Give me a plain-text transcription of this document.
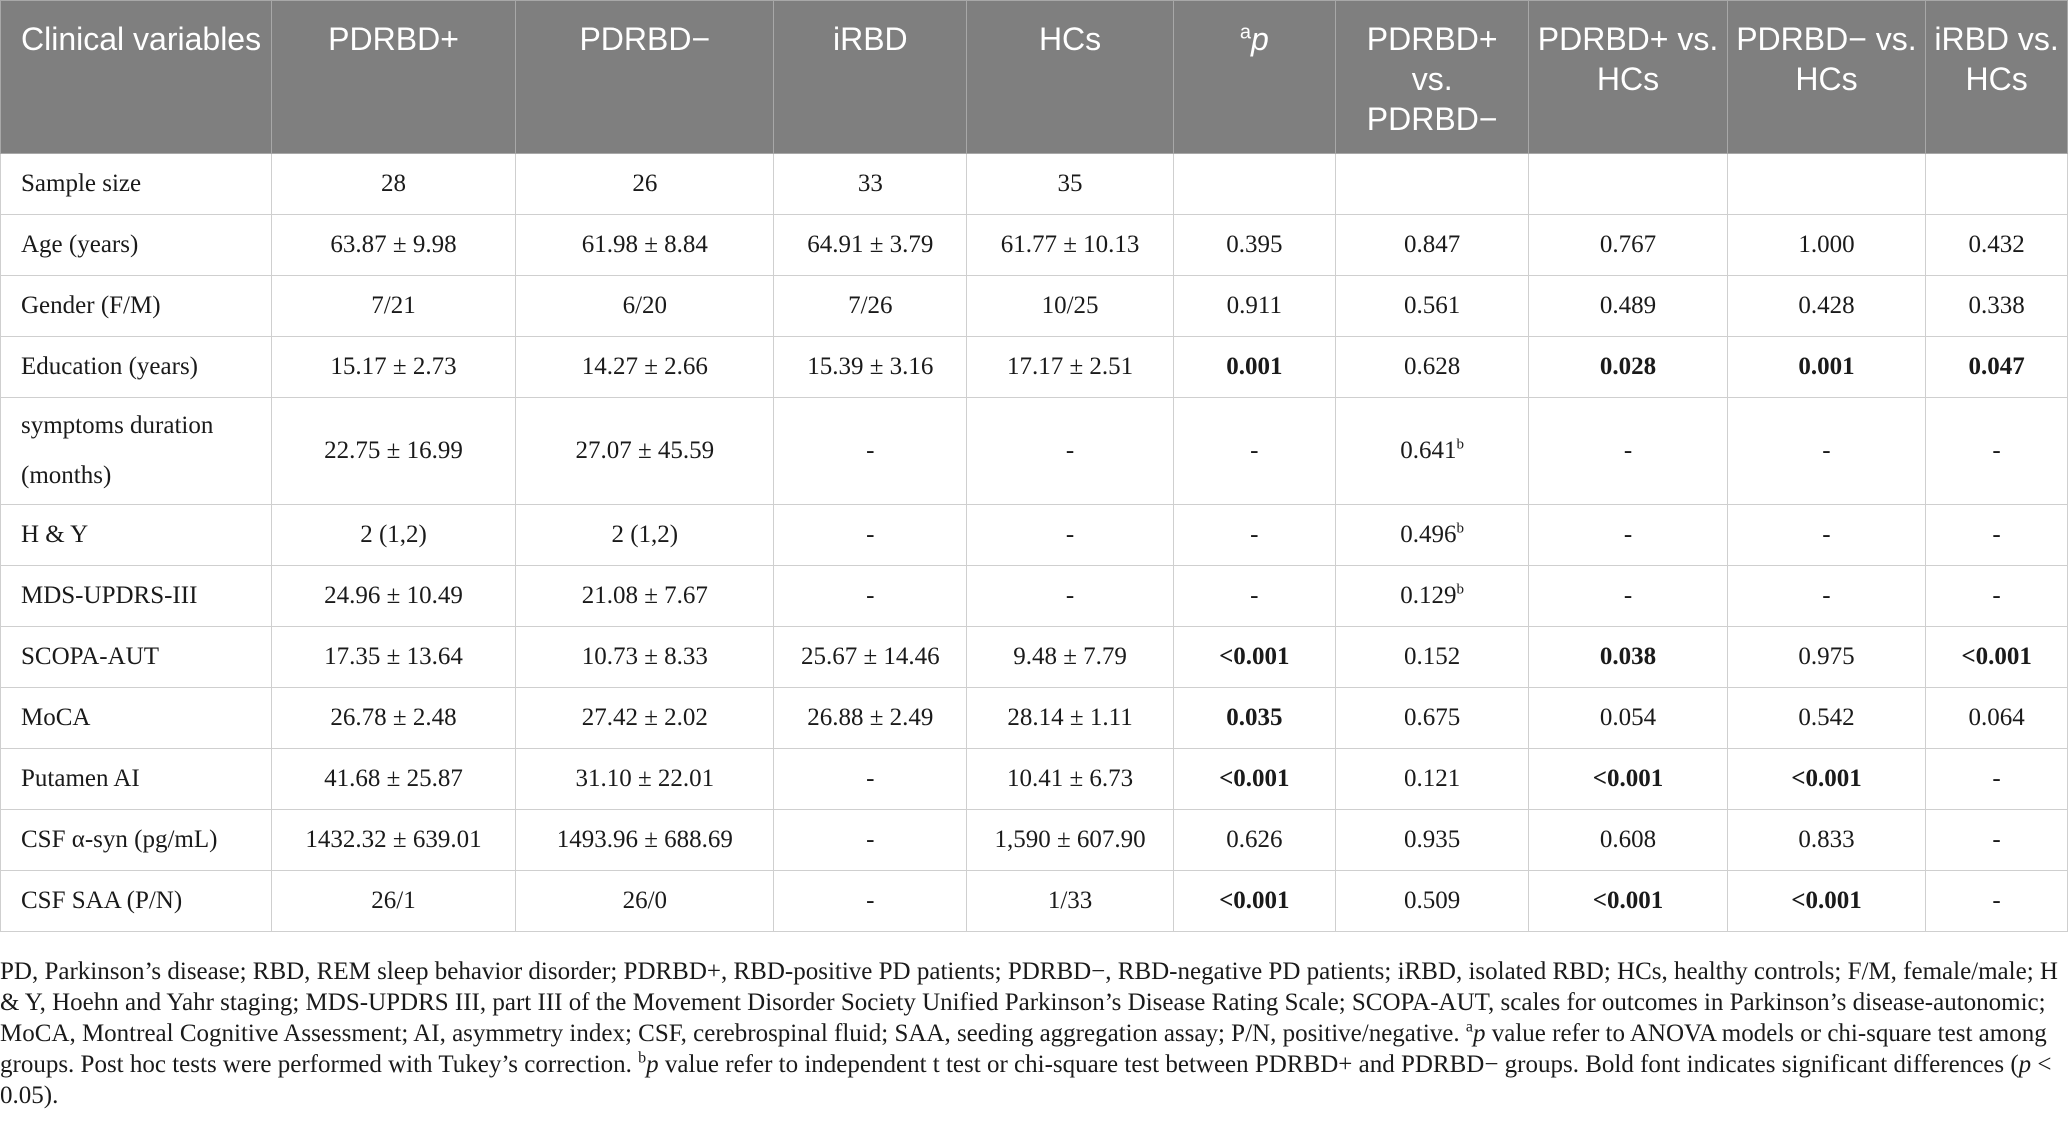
Clinical variables	PDRBD+	PDRBD−	iRBD	HCs	$^a$p	PDRBD+ vs. PDRBD−	PDRBD+ vs. HCs	PDRBD− vs. HCs	iRBD vs. HCs
Sample size	28	26	33	35					
Age (years)	63.87 ± 9.98	61.98 ± 8.84	64.91 ± 3.79	61.77 ± 10.13	0.395	0.847	0.767	1.000	0.432
Gender (F/M)	7/21	6/20	7/26	10/25	0.911	0.561	0.489	0.428	0.338
Education (years)	15.17 ± 2.73	14.27 ± 2.66	15.39 ± 3.16	17.17 ± 2.51	0.001	0.628	0.028	0.001	0.047
symptoms duration (months)	22.75 ± 16.99	27.07 ± 45.59	-	-	-	0.641$^b$	-	-	-
H & Y	2 (1,2)	2 (1,2)	-	-	-	0.496$^b$	-	-	-
MDS-UPDRS-III	24.96 ± 10.49	21.08 ± 7.67	-	-	-	0.129$^b$	-	-	-
SCOPA-AUT	17.35 ± 13.64	10.73 ± 8.33	25.67 ± 14.46	9.48 ± 7.79	<0.001	0.152	0.038	0.975	<0.001
MoCA	26.78 ± 2.48	27.42 ± 2.02	26.88 ± 2.49	28.14 ± 1.11	0.035	0.675	0.054	0.542	0.064
Putamen AI	41.68 ± 25.87	31.10 ± 22.01	-	10.41 ± 6.73	<0.001	0.121	<0.001	<0.001	-
CSF α-syn (pg/mL)	1432.32 ± 639.01	1493.96 ± 688.69	-	1,590 ± 607.90	0.626	0.935	0.608	0.833	-
CSF SAA (P/N)	26/1	26/0	-	1/33	<0.001	0.509	<0.001	<0.001	-
PD, Parkinson’s disease; RBD, REM sleep behavior disorder; PDRBD+, RBD-positive PD patients; PDRBD−, RBD-negative PD patients; iRBD, isolated RBD; HCs, healthy controls; F/M, female/male; H & Y, Hoehn and Yahr staging; MDS-UPDRS III, part III of the Movement Disorder Society Unified Parkinson’s Disease Rating Scale; SCOPA-AUT, scales for outcomes in Parkinson’s disease-autonomic; MoCA, Montreal Cognitive Assessment; AI, asymmetry index; CSF, cerebrospinal fluid; SAA, seeding aggregation assay; P/N, positive/negative. $^a$p value refer to ANOVA models or chi-square test among groups. Post hoc tests were performed with Tukey’s correction. $^b$p value refer to independent t test or chi-square test between PDRBD+ and PDRBD− groups. Bold font indicates significant differences (p < 0.05).
